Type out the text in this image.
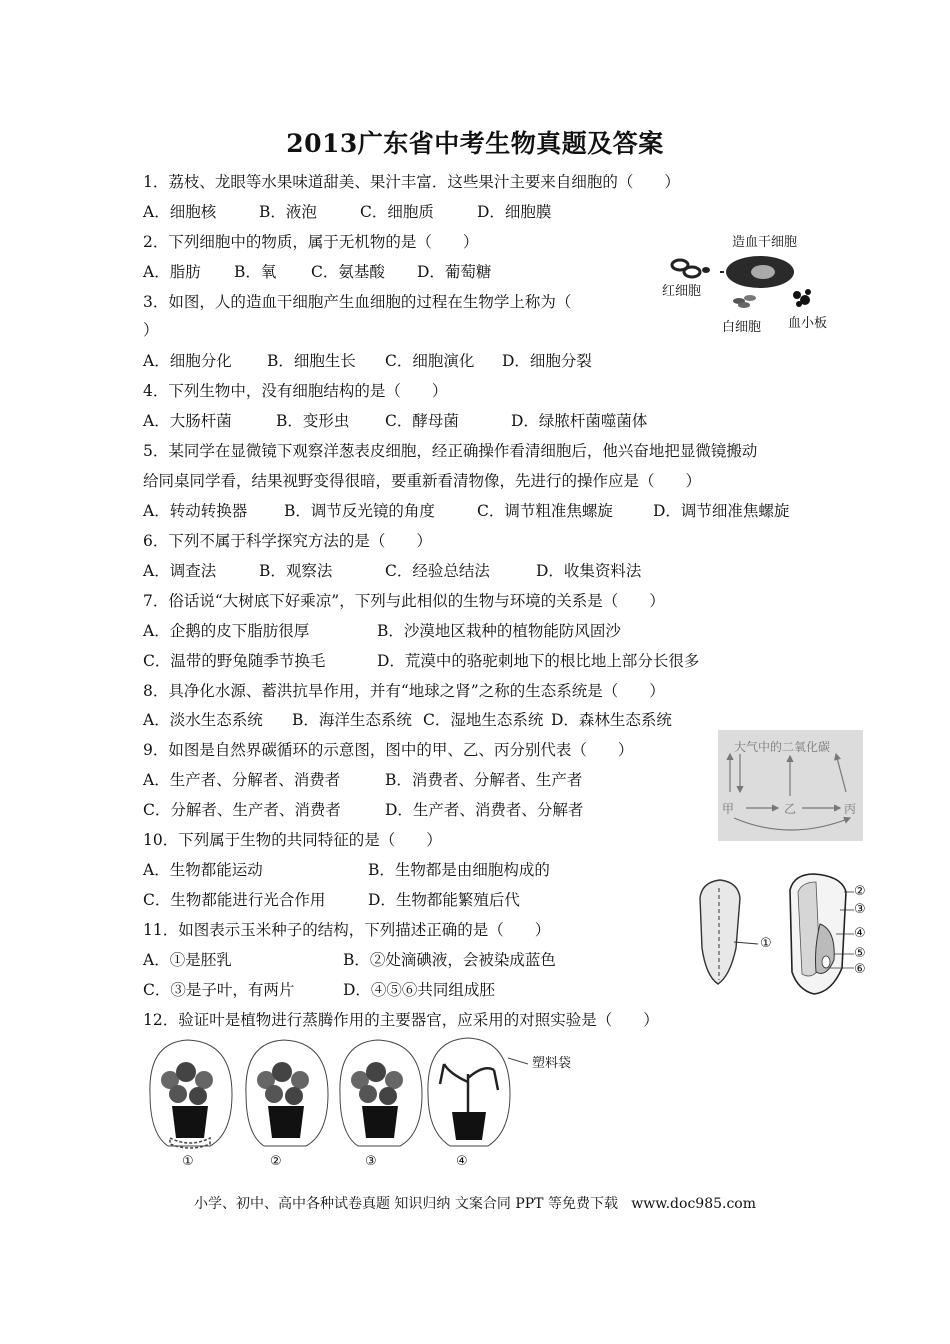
2013广东省中考生物真题及答案
1．荔枝、龙眼等水果味道甜美、果汁丰富．这些果汁主要来自细胞的（　　）
A．细胞核	B．液泡	C．细胞质	D．细胞膜
2．下列细胞中的物质，属于无机物的是（　　）
A．脂肪 B．氧 C．氨基酸 D．葡萄糖
3．如图，人的造血干细胞产生血细胞的过程在生物学上称为（
）
A．细胞分化 B．细胞生长 C．细胞演化 D．细胞分裂
造血干细胞
红细胞
白细胞 血小板
4．下列生物中，没有细胞结构的是（　　）
A．大肠杆菌	B．变形虫 C．酵母菌	D．绿脓杆菌噬菌体
5．某同学在显微镜下观察洋葱表皮细胞，经正确操作看清细胞后，他兴奋地把显微镜搬动
给同桌同学看，结果视野变得很暗，要重新看清物像，先进行的操作应是（　　）
A．转动转换器 B．调节反光镜的角度	C．调节粗准焦螺旋	D．调节细准焦螺旋
6．下列不属于科学探究方法的是（　　）
A．调查法	B．观察法	C．经验总结法	D．收集资料法
7．俗话说“大树底下好乘凉”，下列与此相似的生物与环境的关系是（　　）
A．企鹅的皮下脂肪很厚	B．沙漠地区栽种的植物能防风固沙
C．温带的野兔随季节换毛	D．荒漠中的骆驼刺地下的根比地上部分长很多
8．具净化水源、蓄洪抗旱作用，并有“地球之肾”之称的生态系统是（　　）
A．淡水生态系统 B．海洋生态系统 C．湿地生态系统 D．森林生态系统
9．如图是自然界碳循环的示意图，图中的甲、乙、丙分别代表（　　）
A．生产者、分解者、消费者	B．消费者、分解者、生产者
C．分解者、生产者、消费者	D．生产者、消费者、分解者
大气中的二氧化碳
甲	乙	丙
10．下列属于生物的共同特征的是（　　）
A．生物都能运动	B．生物都是由细胞构成的
C．生物都能进行光合作用	D．生物都能繁殖后代
11．如图表示玉米种子的结构，下列描述正确的是（　　）
A．①是胚乳	B．②处滴碘液，会被染成蓝色
C．③是子叶，有两片	D．④⑤⑥共同组成胚
①
②
③
④
⑤
⑥
12．验证叶是植物进行蒸腾作用的主要器官，应采用的对照实验是（　　）
塑料袋
①	②	③	④
小学、初中、高中各种试卷真题 知识归纳 文案合同 PPT 等免费下载   www.doc985.com
